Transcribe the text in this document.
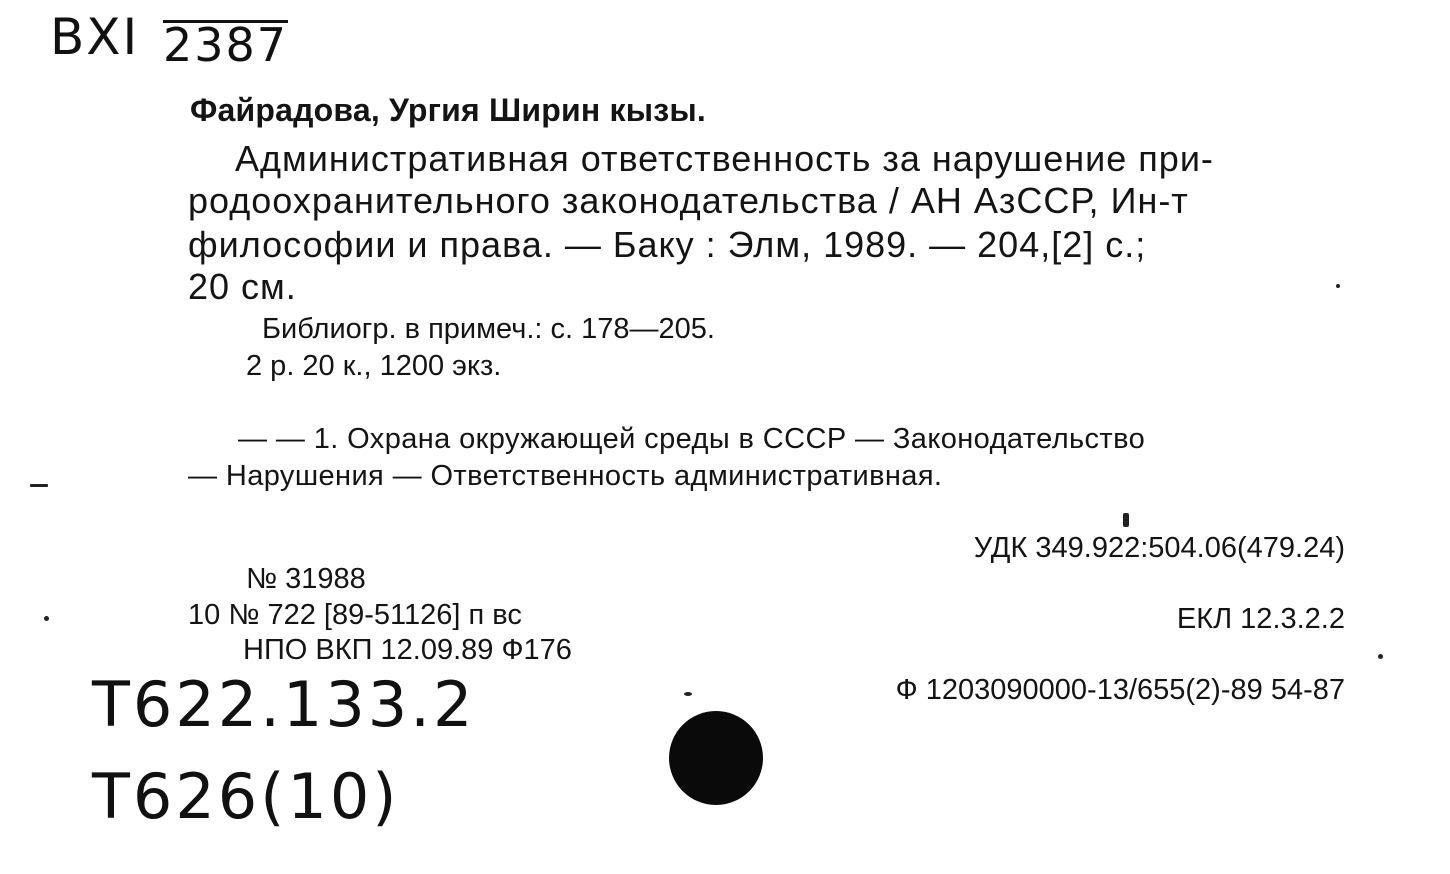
ВХI 2387
Файрадова, Ургия Ширин кызы.
Административная ответственность за нарушение при-
родоохранительного законодательства / АН АзССР, Ин-т
философии и права. — Баку : Элм, 1989. — 204,[2] с.;
20 см.
Библиогр. в примеч.: с. 178—205.
2 р. 20 к., 1200 экз.
— — 1. Охрана окружающей среды в СССР — Законодательство
— Нарушения — Ответственность административная.
УДК 349.922:504.06(479.24)
ЕКЛ 12.3.2.2
Ф 1203090000-13/655(2)-89 54-87
№ 31988
10 № 722 [89-51126] п вс
НПО ВКП 12.09.89 Ф176
Т622.133.2
Т626(10)
